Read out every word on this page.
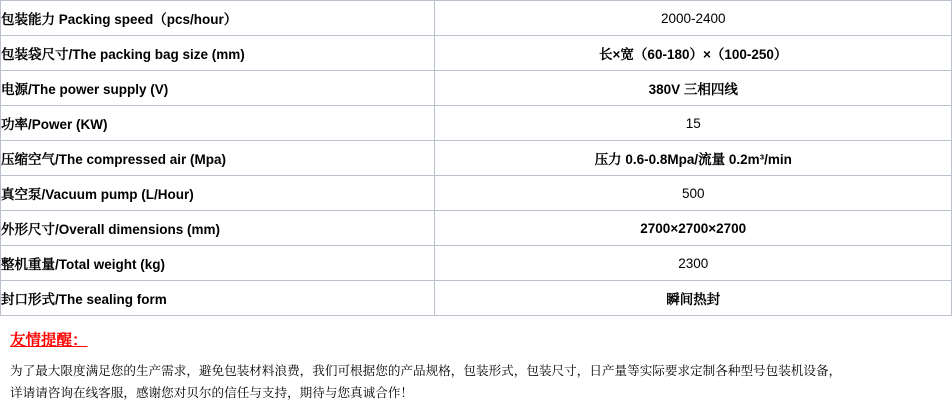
包装能力 Packing speed（pcs/hour）	2000-2400
包装袋尺寸/The packing bag size (mm)	长×宽（60-180）×（100-250）
电源/The power supply (V)	380V 三相四线
功率/Power (KW)	15
压缩空气/The compressed air (Mpa)	压力 0.6-0.8Mpa/流量 0.2m³/min
真空泵/Vacuum pump (L/Hour)	500
外形尺寸/Overall dimensions (mm)	2700×2700×2700
整机重量/Total weight (kg)	2300
封口形式/The sealing form	瞬间热封
友情提醒：
为了最大限度满足您的生产需求，避免包装材料浪费，我们可根据您的产品规格，包装形式，包装尺寸，日产量等实际要求定制各种型号包装机设备，
详请请咨询在线客服，感谢您对贝尔的信任与支持，期待与您真诚合作！
